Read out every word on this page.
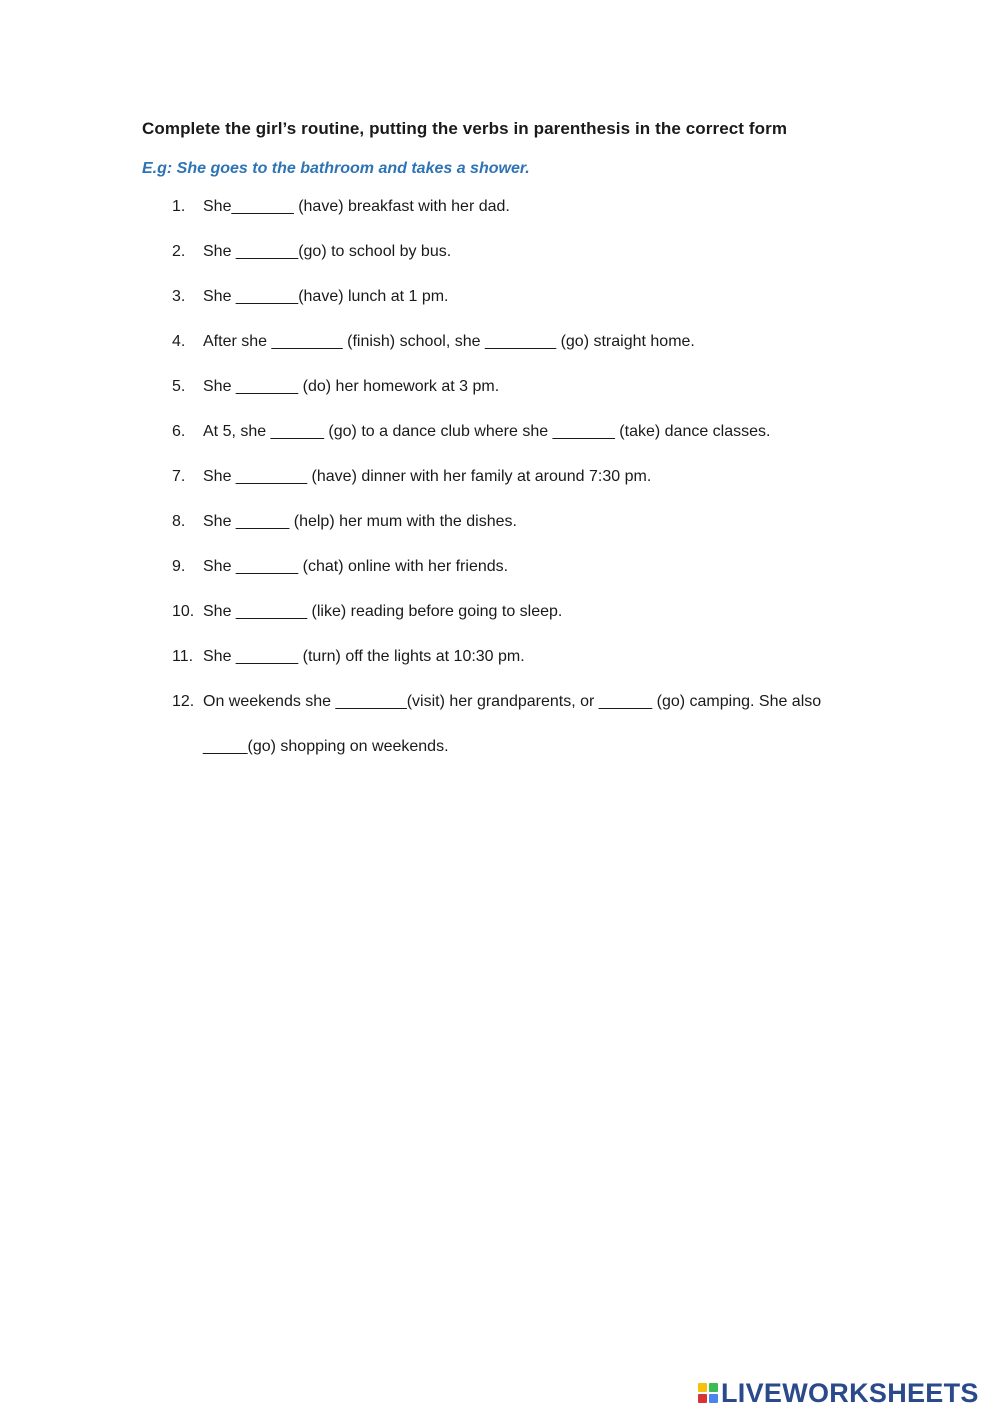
Complete the girl’s routine, putting the verbs in parenthesis in the correct form
E.g: She goes to the bathroom and takes a shower.
1.	She_______ (have) breakfast with her dad.
2.	She _______(go) to school by bus.
3.	She _______(have) lunch at 1 pm.
4.	After she ________ (finish) school, she ________ (go) straight home.
5.	She _______ (do) her homework at 3 pm.
6.	At 5, she ______ (go) to a dance club where she _______ (take) dance classes.
7.	She ________ (have) dinner with her family at around 7:30 pm.
8.	She ______ (help) her mum with the dishes.
9.	She _______ (chat) online with her friends.
10. She ________ (like) reading before going to sleep.
11. She _______ (turn) off the lights at 10:30 pm.
12. On weekends she ________(visit) her grandparents, or ______ (go) camping. She also
_____(go) shopping on weekends.
LIVEWORKSHEETS
